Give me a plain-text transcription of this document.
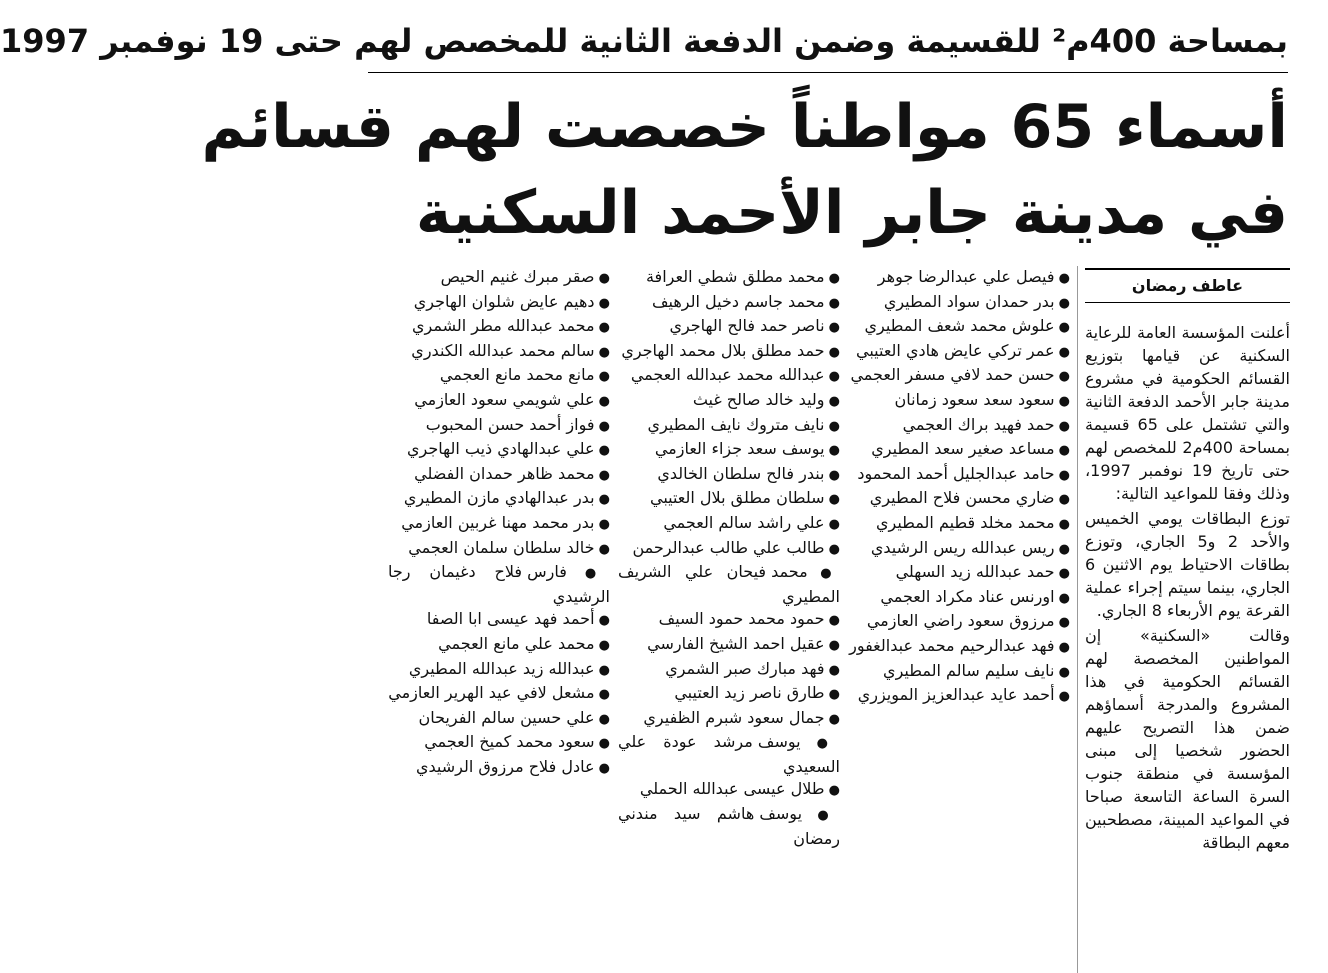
بمساحة 400م² للقسيمة وضمن الدفعة الثانية للمخصص لهم حتى 19 نوفمبر 1997
أسماء 65 مواطناً خصصت لهم قسائم
في مدينة جابر الأحمد السكنية
عاطف رمضان

أعلنت المؤسسة العامة للرعاية السكنية عن قيامها بتوزيع القسائم الحكومية في مشروع مدينة جابر الأحمد الدفعة الثانية والتي تشتمل على 65 قسيمة بمساحة 400م2 للمخصص لهم حتى تاريخ 19 نوفمبر 1997، وذلك وفقا للمواعيد التالية:

توزع البطاقات يومي الخميس والأحد 2 و5 الجاري، وتوزع بطاقات الاحتياط يوم الاثنين 6 الجاري، بينما سيتم إجراء عملية القرعة يوم الأربعاء 8 الجاري.

وقالت «السكنية» إن المواطنين المخصصة لهم القسائم الحكومية في هذا المشروع والمدرجة أسماؤهم ضمن هذا التصريح عليهم الحضور شخصيا إلى مبنى المؤسسة في منطقة جنوب السرة الساعة التاسعة صباحا في المواعيد المبينة، مصطحبين معهم البطاقة

● فيصل علي عبدالرضا جوهر
● بدر حمدان سواد المطيري
● علوش محمد شعف المطيري
● عمر تركي عايض هادي العتيبي
● حسن حمد لافي مسفر العجمي
● سعود سعد سعود زمانان
● حمد فهيد براك العجمي
● مساعد صغير سعد المطيري
● حامد عبدالجليل أحمد المحمود
● ضاري محسن فلاح المطيري
● محمد مخلد قطيم المطيري
● ريس عبدالله ريس الرشيدي
● حمد عبدالله زيد السهلي
● اورنس عناد مكراد العجمي
● مرزوق سعود راضي العازمي
● فهد عبدالرحيم محمد عبدالغفور
● نايف سليم سالم المطيري
● أحمد عايد عبدالعزيز المويزري
● محمد مطلق شطي العرافة
● محمد جاسم دخيل الرهيف
● ناصر حمد فالح الهاجري
● حمد مطلق بلال محمد الهاجري
● عبدالله محمد عبدالله العجمي
● وليد خالد صالح غيث
● نايف متروك نايف المطيري
● يوسف سعد جزاء العازمي
● بندر فالح سلطان الخالدي
● سلطان مطلق بلال العتيبي
● علي راشد سالم العجمي
● طالب علي طالب عبدالرحمن
● محمد فيحان علي الشريف المطيري
● حمود محمد حمود السيف
● عقيل احمد الشيخ الفارسي
● فهد مبارك صبر الشمري
● طارق ناصر زيد العتيبي
● جمال سعود شبرم الظفيري
● يوسف مرشد عودة علي السعيدي
● طلال عيسى عبدالله الحملي
● يوسف هاشم سيد مندني رمضان
● صقر مبرك غنيم الحيص
● دهيم عايض شلوان الهاجري
● محمد عبدالله مطر الشمري
● سالم محمد عبدالله الكندري
● مانع محمد مانع العجمي
● علي شويمي سعود العازمي
● فواز أحمد حسن المحبوب
● علي عبدالهادي ذيب الهاجري
● محمد ظاهر حمدان الفضلي
● بدر عبدالهادي مازن المطيري
● بدر محمد مهنا غربين العازمي
● خالد سلطان سلمان العجمي
● فارس فلاح دغيمان رجا الرشيدي
● أحمد فهد عيسى ابا الصفا
● محمد علي مانع العجمي
● عبدالله زيد عبدالله المطيري
● مشعل لافي عيد الهرير العازمي
● علي حسين سالم الفريحان
● سعود محمد كميخ العجمي
● عادل فلاح مرزوق الرشيدي
